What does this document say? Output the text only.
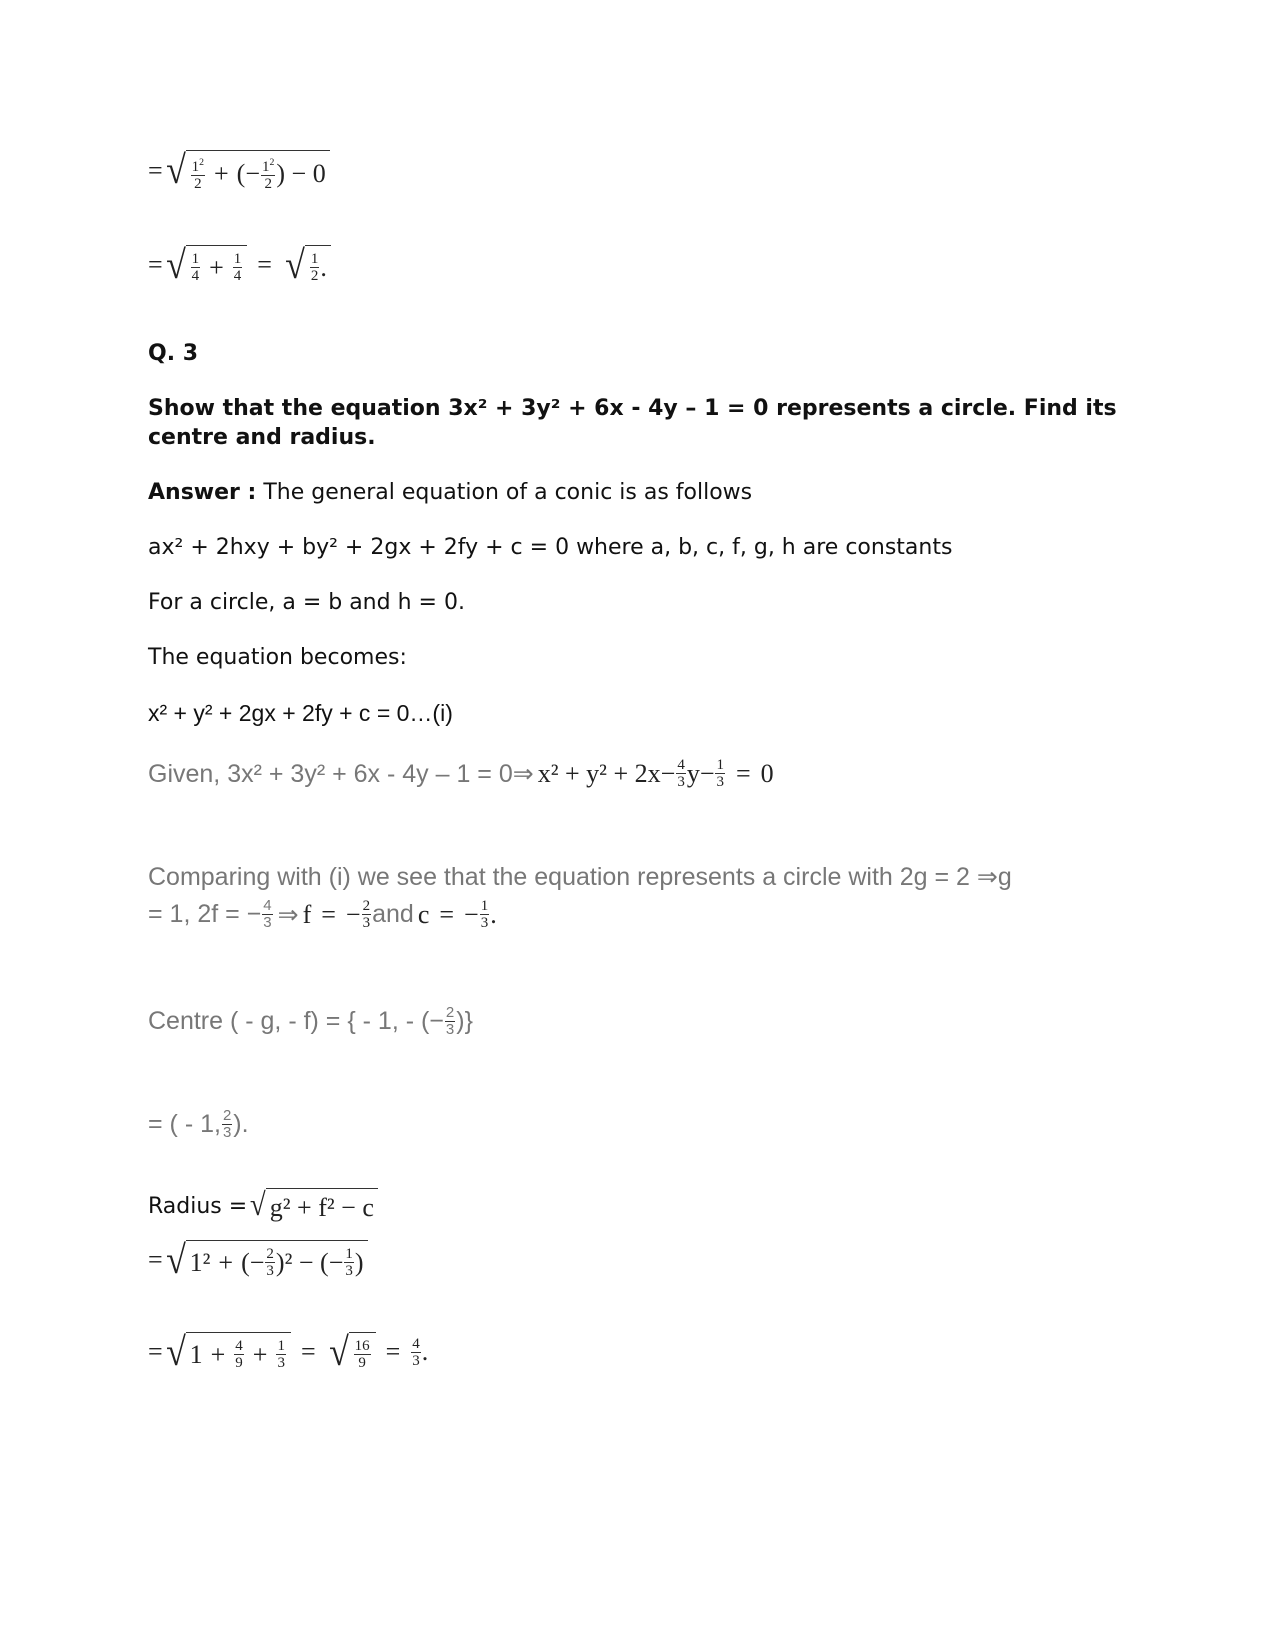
= √ $\frac{1^2}{2}$ + (− $\frac{1^2}{2}$ ) − 0
= √ $\frac{1}{4} + \frac{1}{4}$ = √ $\frac{1}{2}$ .
Q. 3
Show that the equation 3x² + 3y² + 6x - 4y – 1 = 0 represents a circle. Find its
centre and radius.
Answer : The general equation of a conic is as follows
ax² + 2hxy + by² + 2gx + 2fy + c = 0 where a, b, c, f, g, h are constants
For a circle, a = b and h = 0.
The equation becomes:
x² + y² + 2gx + 2fy + c = 0…(i)
Given, 3x² + 3y² + 6x - 4y – 1 = 0⇒ $x^2 + y^2 + 2x- \frac{4}{3} y- \frac{1}{3} = 0$
Comparing with (i) we see that the equation represents a circle with 2g = 2 ⇒g
= 1, 2f = − $\frac{4}{3}$ ⇒ f = − $\frac{2}{3}$ and c = − $\frac{1}{3}$ .
Centre ( - g, - f) = { - 1, - (− $\frac{2}{3}$ )}
= ( - 1, $\frac{2}{3}$ ).
Radius = √ g² + f² − c
= √ 1² + (− $\frac{2}{3} )^2$ − (− $\frac{1}{3}$ )
= √ $1 + \frac{4}{9} + \frac{1}{3}$ = √ $\frac{16}{9} = \frac{4}{3}$ .
